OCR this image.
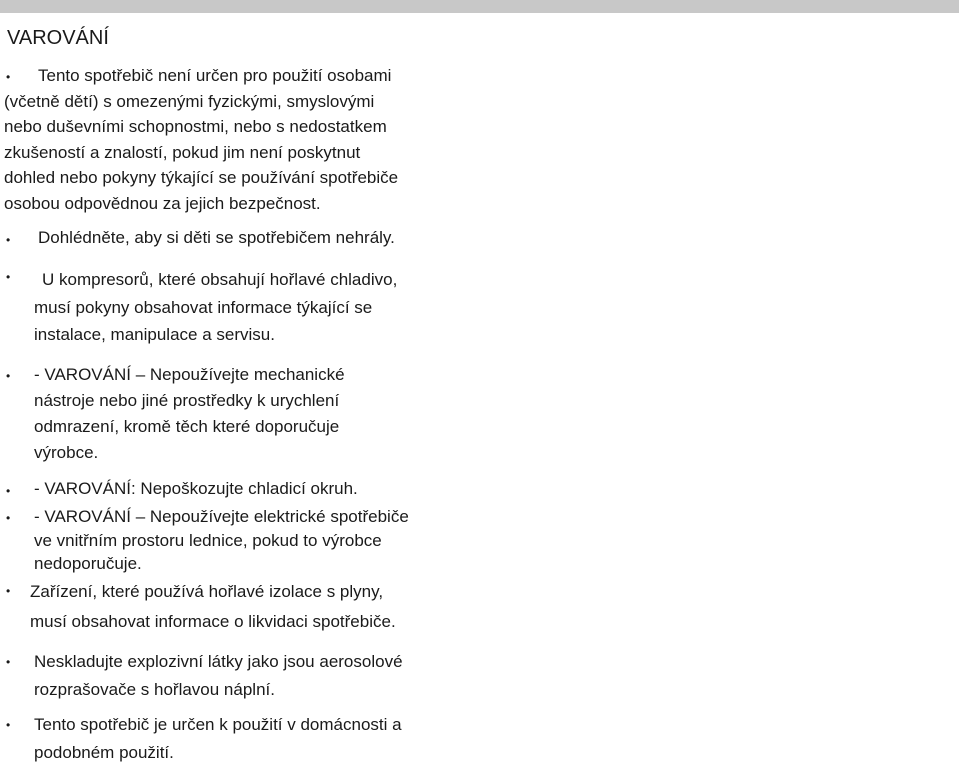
VAROVÁNÍ
•	Tento spotřebič není určen pro použití osobami
(včetně dětí) s omezenými fyzickými, smyslovými
nebo duševními schopnostmi, nebo s nedostatkem
zkušeností a znalostí, pokud jim není poskytnut
dohled nebo pokyny týkající se používání spotřebiče
osobou odpovědnou za jejich bezpečnost.
• Dohlédněte, aby si děti se spotřebičem nehrály.
•	U kompresorů, které obsahují hořlavé chladivo,
musí pokyny obsahovat informace týkající se
instalace, manipulace a servisu.
• - VAROVÁNÍ – Nepoužívejte mechanické
nástroje nebo jiné prostředky k urychlení
odmrazení, kromě těch které doporučuje
výrobce.
• - VAROVÁNÍ: Nepoškozujte chladicí okruh.
• - VAROVÁNÍ – Nepoužívejte elektrické spotřebiče
ve vnitřním prostoru lednice, pokud to výrobce
nedoporučuje.
• Zařízení, které používá hořlavé izolace s plyny,
musí obsahovat informace o likvidaci spotřebiče.
• Neskladujte explozivní látky jako jsou aerosolové
rozprašovače s hořlavou náplní.
• Tento spotřebič je určen k použití v domácnosti a
podobném použití.
